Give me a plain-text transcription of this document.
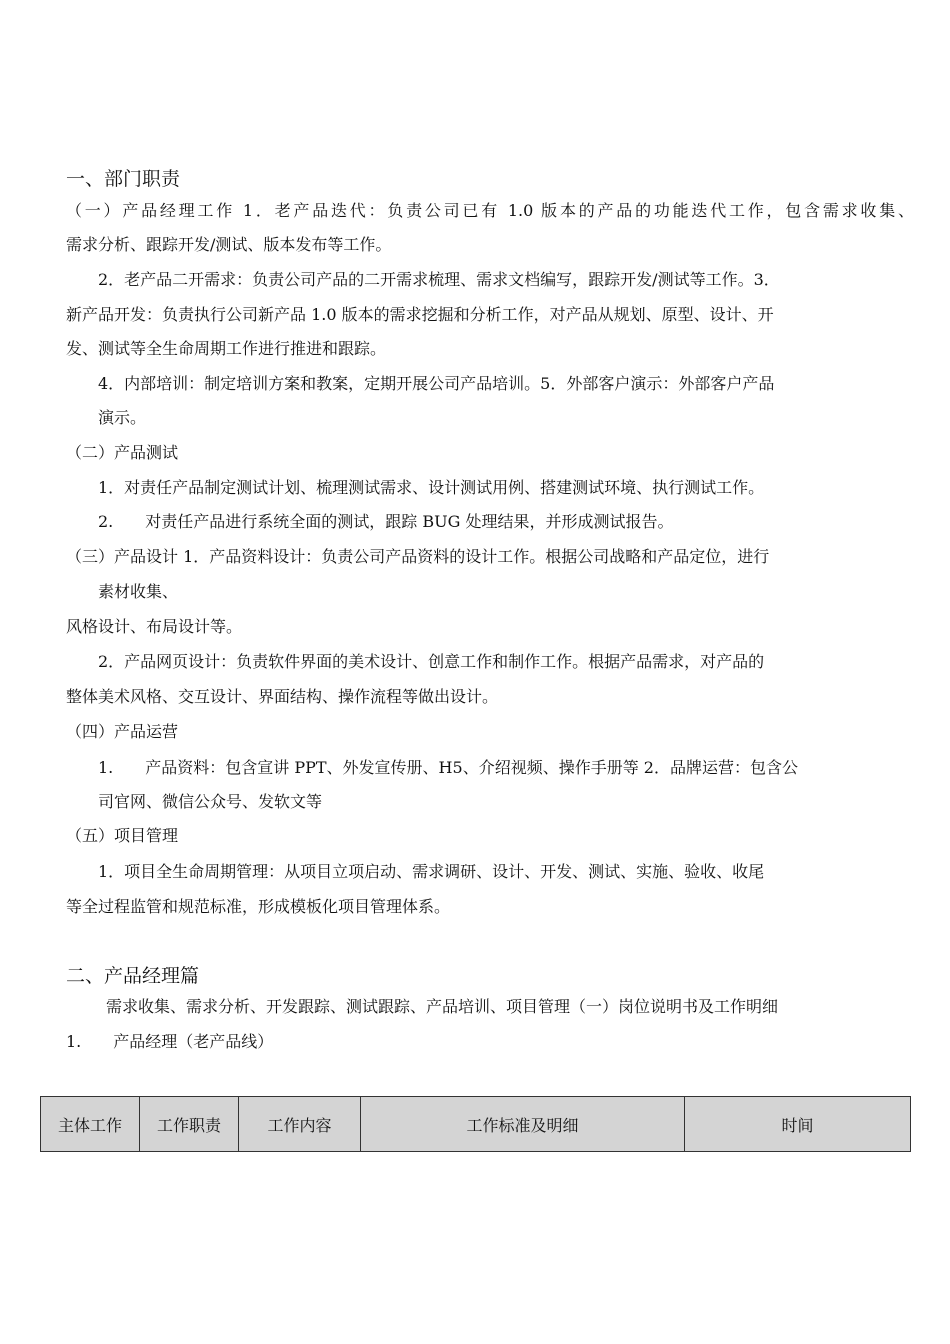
一、部门职责
（一）产品经理工作 1．老产品迭代：负责公司已有 1.0 版本的产品的功能迭代工作，包含需求收集、
需求分析、跟踪开发/测试、版本发布等工作。
2．老产品二开需求：负责公司产品的二开需求梳理、需求文档编写，跟踪开发/测试等工作。3．
新产品开发：负责执行公司新产品 1.0 版本的需求挖掘和分析工作，对产品从规划、原型、设计、开
发、测试等全生命周期工作进行推进和跟踪。
4．内部培训：制定培训方案和教案，定期开展公司产品培训。5．外部客户演示：外部客户产品
演示。
（二）产品测试
1．对责任产品制定测试计划、梳理测试需求、设计测试用例、搭建测试环境、执行测试工作。
2.　　对责任产品进行系统全面的测试，跟踪 BUG 处理结果，并形成测试报告。
（三）产品设计 1．产品资料设计：负责公司产品资料的设计工作。根据公司战略和产品定位，进行
素材收集、
风格设计、布局设计等。
2．产品网页设计：负责软件界面的美术设计、创意工作和制作工作。根据产品需求，对产品的
整体美术风格、交互设计、界面结构、操作流程等做出设计。
（四）产品运营
1.　　产品资料：包含宣讲 PPT、外发宣传册、H5、介绍视频、操作手册等 2．品牌运营：包含公
司官网、微信公众号、发软文等
（五）项目管理
1．项目全生命周期管理：从项目立项启动、需求调研、设计、开发、测试、实施、验收、收尾
等全过程监管和规范标准，形成模板化项目管理体系。
二、产品经理篇
需求收集、需求分析、开发跟踪、测试跟踪、产品培训、项目管理（一）岗位说明书及工作明细
1.　　产品经理（老产品线）
主体工作	工作职责	工作内容	工作标准及明细	时间
